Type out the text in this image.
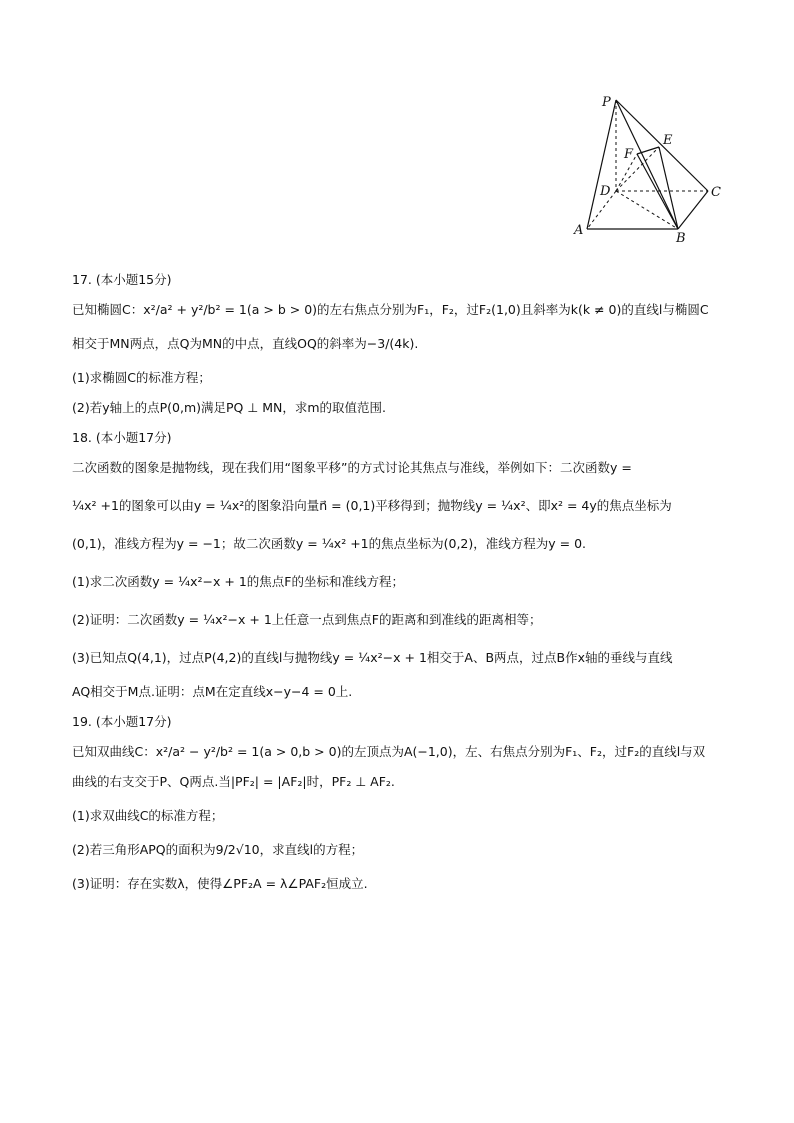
P
E
F
D	C
A
B

17. (本小题15分)

已知椭圆C：x²/a² + y²/b² = 1(a > b > 0)的左右焦点分别为F₁，F₂，过F₂(1,0)且斜率为k(k ≠ 0)的直线l与椭圆C

相交于MN两点，点Q为MN的中点，直线OQ的斜率为−3/(4k).

(1)求椭圆C的标准方程；

(2)若y轴上的点P(0,m)满足PQ ⊥ MN，求m的取值范围.

18. (本小题17分)

二次函数的图象是抛物线，现在我们用“图象平移”的方式讨论其焦点与准线，举例如下：二次函数y =

¼x² +1的图象可以由y = ¼x²的图象沿向量n⃗ = (0,1)平移得到；抛物线y = ¼x²、即x² = 4y的焦点坐标为

(0,1)，准线方程为y = −1；故二次函数y = ¼x² +1的焦点坐标为(0,2)，准线方程为y = 0.

(1)求二次函数y = ¼x²−x + 1的焦点F的坐标和准线方程；

(2)证明：二次函数y = ¼x²−x + 1上任意一点到焦点F的距离和到准线的距离相等；

(3)已知点Q(4,1)，过点P(4,2)的直线l与抛物线y = ¼x²−x + 1相交于A、B两点，过点B作x轴的垂线与直线

AQ相交于M点.证明：点M在定直线x−y−4 = 0上.

19. (本小题17分)

已知双曲线C：x²/a² − y²/b² = 1(a > 0,b > 0)的左顶点为A(−1,0)，左、右焦点分别为F₁、F₂，过F₂的直线l与双

曲线的右支交于P、Q两点.当|PF₂| = |AF₂|时，PF₂ ⊥ AF₂.

(1)求双曲线C的标准方程；

(2)若三角形APQ的面积为9/2√10，求直线l的方程；

(3)证明：存在实数λ，使得∠PF₂A = λ∠PAF₂恒成立.
